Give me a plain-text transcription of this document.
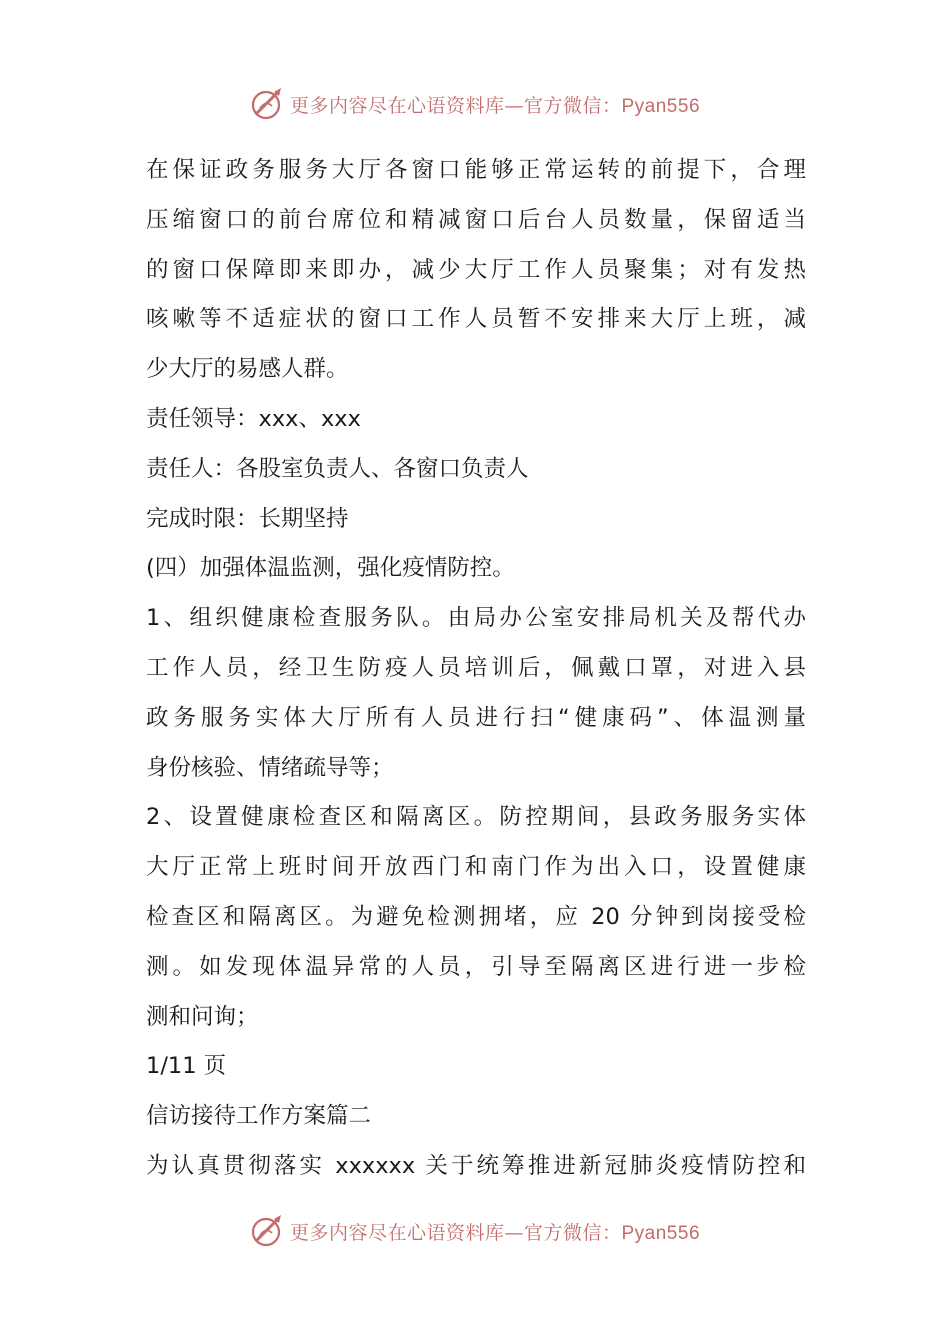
更多内容尽在心语资料库—官方微信：Pyan556
在保证政务服务大厅各窗口能够正常运转的前提下，合理
压缩窗口的前台席位和精减窗口后台人员数量，保留适当
的窗口保障即来即办，减少大厅工作人员聚集；对有发热
咳嗽等不适症状的窗口工作人员暂不安排来大厅上班，减
少大厅的易感人群。
责任领导：xxx、xxx
责任人：各股室负责人、各窗口负责人
完成时限：长期坚持
(四）加强体温监测，强化疫情防控。
1、组织健康检查服务队。由局办公室安排局机关及帮代办
工作人员，经卫生防疫人员培训后，佩戴口罩，对进入县
政务服务实体大厅所有人员进行扫“健康码”、体温测量
身份核验、情绪疏导等；
2、设置健康检查区和隔离区。防控期间，县政务服务实体
大厅正常上班时间开放西门和南门作为出入口，设置健康
检查区和隔离区。为避免检测拥堵，应 20 分钟到岗接受检
测。如发现体温异常的人员，引导至隔离区进行进一步检
测和问询；
1/11 页
信访接待工作方案篇二
为认真贯彻落实 xxxxxx 关于统筹推进新冠肺炎疫情防控和
更多内容尽在心语资料库—官方微信：Pyan556
